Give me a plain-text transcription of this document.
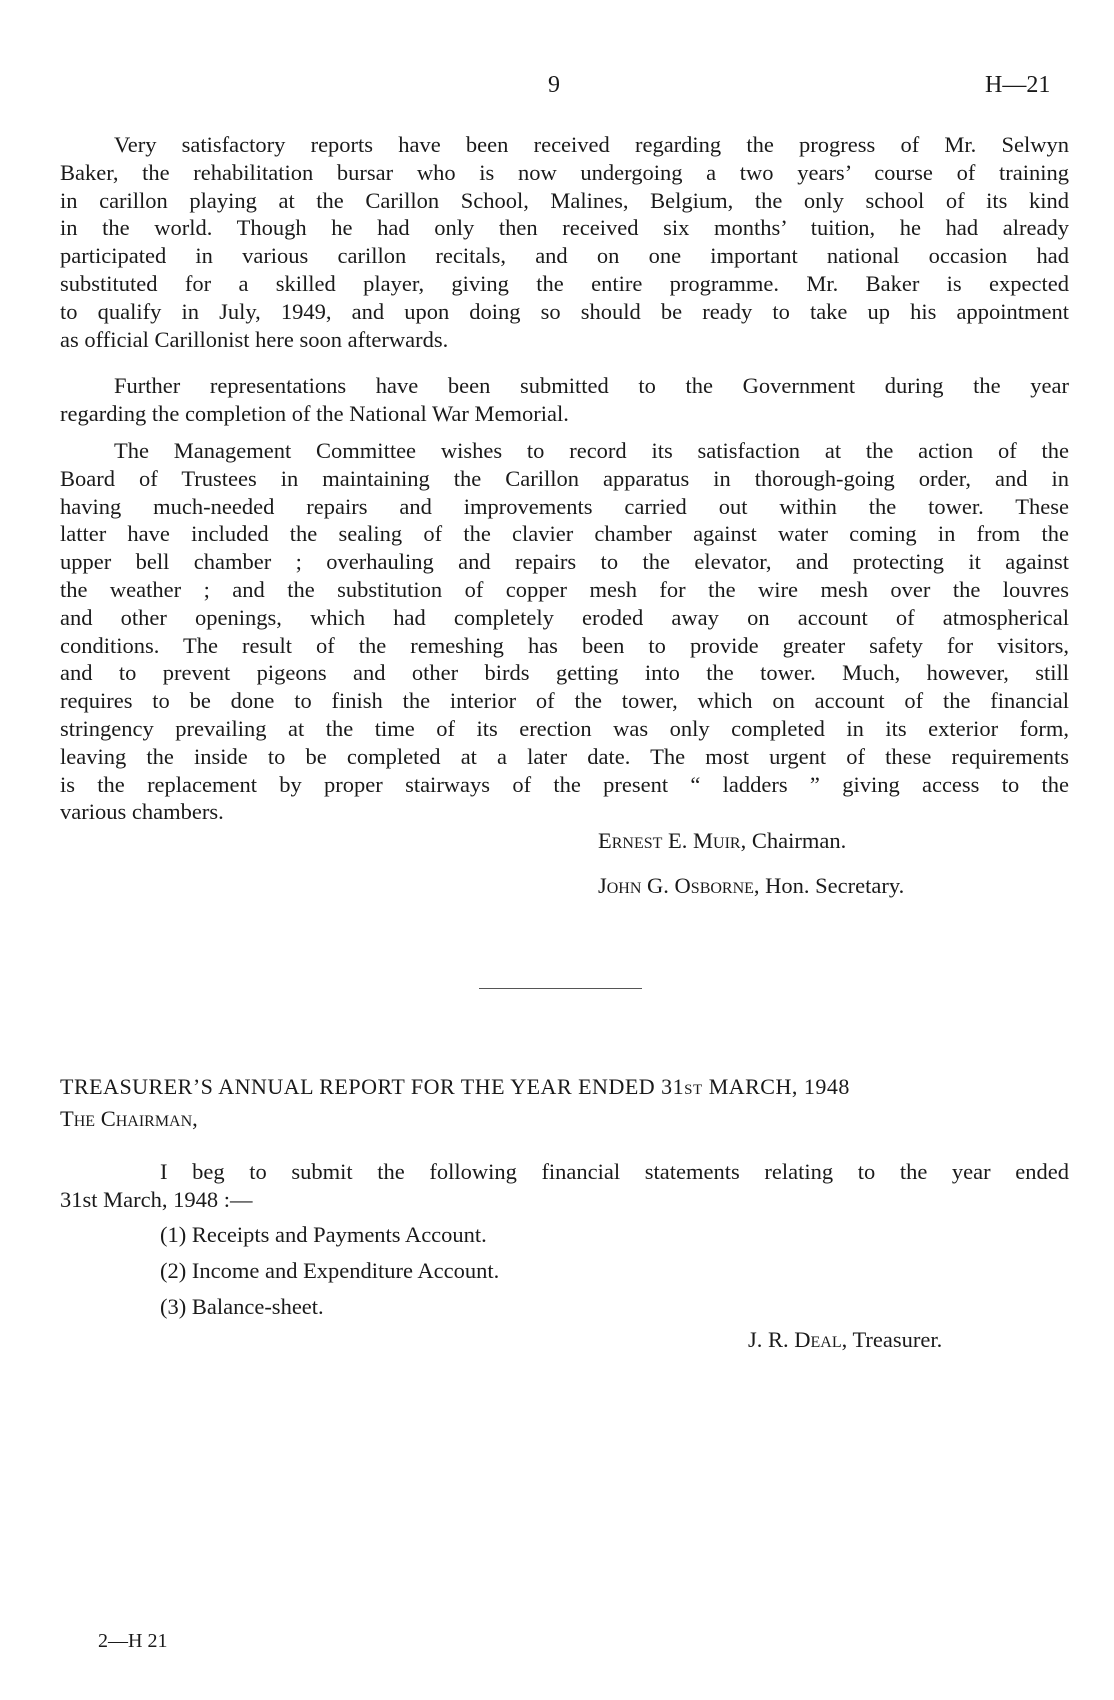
9	H—21
Very satisfactory reports have been received regarding the progress of Mr. Selwyn
Baker, the rehabilitation bursar who is now undergoing a two years’ course of training
in carillon playing at the Carillon School, Malines, Belgium, the only school of its kind
in the world. Though he had only then received six months’ tuition, he had already
participated in various carillon recitals, and on one important national occasion had
substituted for a skilled player, giving the entire programme. Mr. Baker is expected
to qualify in July, 1949, and upon doing so should be ready to take up his appointment
as official Carillonist here soon afterwards.
Further representations have been submitted to the Government during the year
regarding the completion of the National War Memorial.
The Management Committee wishes to record its satisfaction at the action of the
Board of Trustees in maintaining the Carillon apparatus in thorough-going order, and in
having much-needed repairs and improvements carried out within the tower. These
latter have included the sealing of the clavier chamber against water coming in from the
upper bell chamber ; overhauling and repairs to the elevator, and protecting it against
the weather ; and the substitution of copper mesh for the wire mesh over the louvres
and other openings, which had completely eroded away on account of atmospherical
conditions. The result of the remeshing has been to provide greater safety for visitors,
and to prevent pigeons and other birds getting into the tower. Much, however, still
requires to be done to finish the interior of the tower, which on account of the financial
stringency prevailing at the time of its erection was only completed in its exterior form,
leaving the inside to be completed at a later date. The most urgent of these requirements
is the replacement by proper stairways of the present “ ladders ” giving access to the
various chambers.
Ernest E. Muir, Chairman.
John G. Osborne, Hon. Secretary.
TREASURER’S ANNUAL REPORT FOR THE YEAR ENDED 31ST MARCH, 1948
The Chairman,
I beg to submit the following financial statements relating to the year ended
31st March, 1948 :—
(1) Receipts and Payments Account.
(2) Income and Expenditure Account.
(3) Balance-sheet.
J. R. Deal, Treasurer.
2—H 21
